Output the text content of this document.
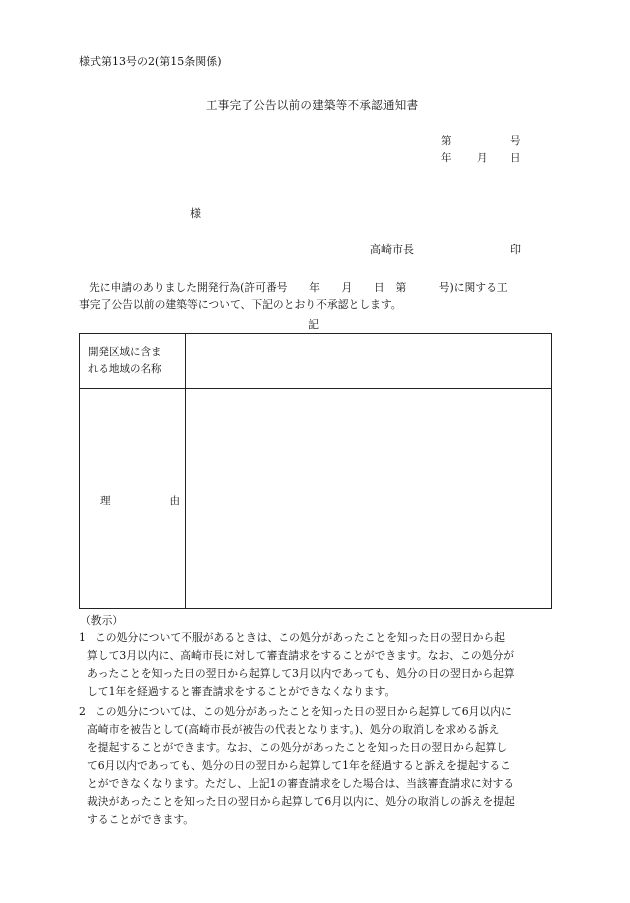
様式第13号の2(第15条関係)
工事完了公告以前の建築等不承認通知書
第	号
年 月 日
様
高崎市長	印
先に申請のありました開発行為(許可番号　　年　　月　　日　第　　　号)に関する工
事完了公告以前の建築等について、下記のとおり不承認とします。
記
開発区域に含ま
れる地域の名称
理	由
（教示）
1 この処分について不服があるときは、この処分があったことを知った日の翌日から起
算して3月以内に、高崎市長に対して審査請求をすることができます。なお、この処分が
あったことを知った日の翌日から起算して3月以内であっても、処分の日の翌日から起算
して1年を経過すると審査請求をすることができなくなります。
2 この処分については、この処分があったことを知った日の翌日から起算して6月以内に
高崎市を被告として(高崎市長が被告の代表となります。)、処分の取消しを求める訴え
を提起することができます。なお、この処分があったことを知った日の翌日から起算し
て6月以内であっても、処分の日の翌日から起算して1年を経過すると訴えを提起するこ
とができなくなります。ただし、上記1の審査請求をした場合は、当該審査請求に対する
裁決があったことを知った日の翌日から起算して6月以内に、処分の取消しの訴えを提起
することができます。
